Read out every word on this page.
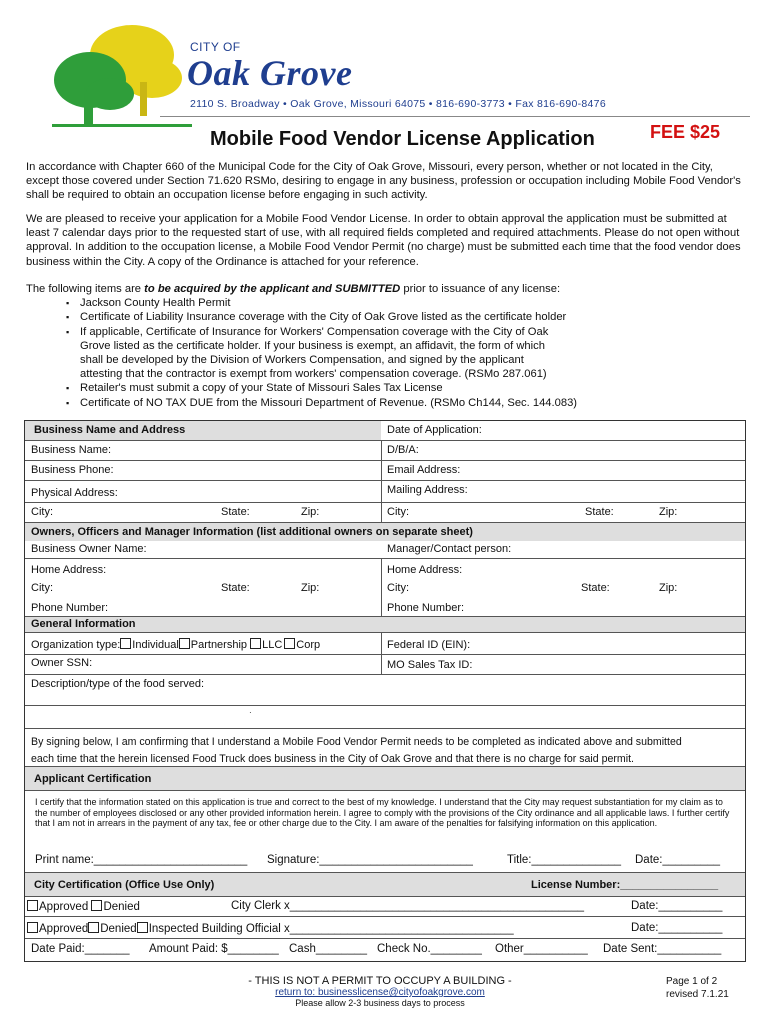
CITY OF
Oak Grove
2110 S. Broadway • Oak Grove, Missouri 64075 • 816-690-3773 • Fax 816-690-8476
Mobile Food Vendor License Application	FEE $25
In accordance with Chapter 660 of the Municipal Code for the City of Oak Grove, Missouri, every person, whether or not located in the City, except those covered under Section 71.620 RSMo, desiring to engage in any business, profession or occupation including Mobile Food Vendor's shall be required to obtain an occupation license before engaging in such activity.
We are pleased to receive your application for a Mobile Food Vendor License. In order to obtain approval the application must be submitted at least 7 calendar days prior to the requested start of use, with all required fields completed and required attachments. Please do not open without approval. In addition to the occupation license, a Mobile Food Vendor Permit (no charge) must be submitted each time that the food vendor does business within the City. A copy of the Ordinance is attached for your reference.
The following items are to be acquired by the applicant and SUBMITTED prior to issuance of any license:
▪ Jackson County Health Permit
▪ Certificate of Liability Insurance coverage with the City of Oak Grove listed as the certificate holder
▪ If applicable, Certificate of Insurance for Workers' Compensation coverage with the City of Oak Grove listed as the certificate holder. If your business is exempt, an affidavit, the form of which shall be developed by the Division of Workers Compensation, and signed by the applicant attesting that the contractor is exempt from workers' compensation coverage. (RSMo 287.061)
▪ Retailer's must submit a copy of your State of Missouri Sales Tax License
▪ Certificate of NO TAX DUE from the Missouri Department of Revenue. (RSMo Ch144, Sec. 144.083)
Business Name and Address	Date of Application:
Business Name:	D/B/A:
Business Phone:	Email Address:
Physical Address:	Mailing Address:
City:	State:	Zip:	City:	State:	Zip:
Owners, Officers and Manager Information (list additional owners on separate sheet)
Business Owner Name:	Manager/Contact person:
Home Address:	Home Address:
City:	State:	Zip:	City:	State:	Zip:
Phone Number:	Phone Number:
General Information
Organization type: Individual Partnership LLC Corp	Federal ID (EIN):
Owner SSN:	MO Sales Tax ID:
Description/type of the food served:
·
By signing below, I am confirming that I understand a Mobile Food Vendor Permit needs to be completed as indicated above and submitted
each time that the herein licensed Food Truck does business in the City of Oak Grove and that there is no charge for said permit.
Applicant Certification
I certify that the information stated on this application is true and correct to the best of my knowledge. I understand that the City may request substantiation for my claim as to the number of employees disclosed or any other provided information herein. I agree to comply with the provisions of the City ordinance and all applicable laws. I further certify that I am not in arrears in the payment of any tax, fee or other charge due to the City. I am aware of the penalties for falsifying information on this application.
Print name:________________________	Signature:________________________	Title:______________	Date:_________
City Certification (Office Use Only)	License Number:________________
Approved Denied	City Clerk x______________________________________________	Date:__________
Approved Denied Inspected Building Official x___________________________________	Date:__________
Date Paid:_______	Amount Paid: $________ Cash________ Check No.________	Other__________	Date Sent:__________
- THIS IS NOT A PERMIT TO OCCUPY A BUILDING -
return to: businesslicense@cityofoakgrove.com
Please allow 2-3 business days to process
Page 1 of 2
revised 7.1.21
